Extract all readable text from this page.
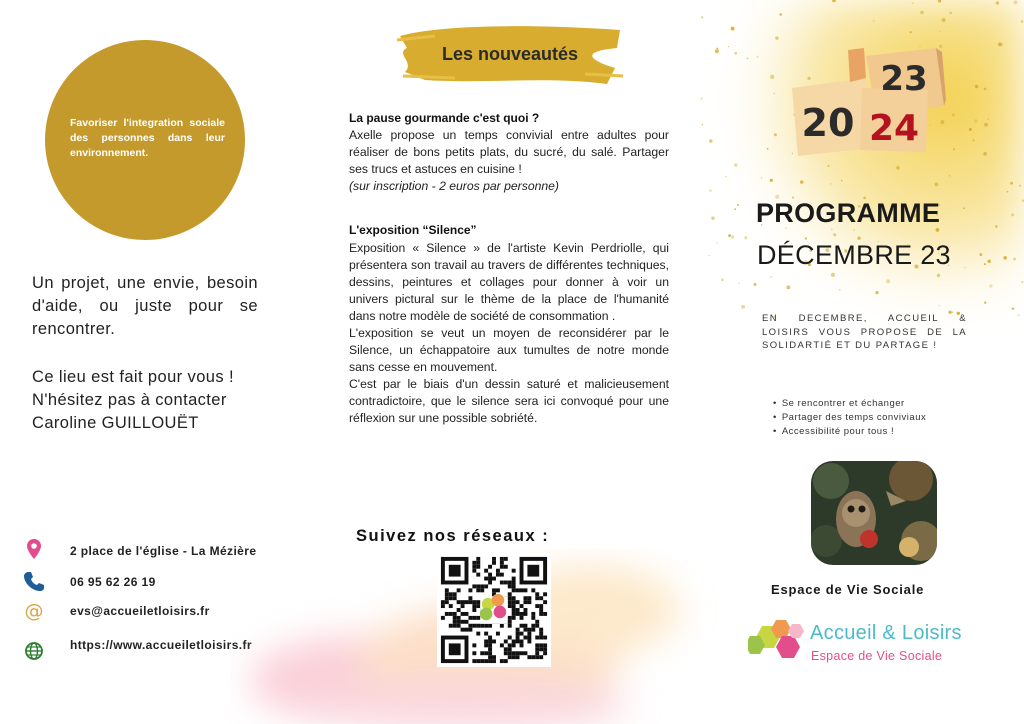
Favoriser l'integration sociale des personnes dans leur environnement.
Un projet, une envie, besoin d'aide, ou juste pour se rencontrer.
Ce lieu est fait pour vous ! N'hésitez pas à contacter Caroline GUILLOUËT
2 place de l'église - La Mézière
06 95 62 26 19
@ evs@accueiletloisirs.fr
https://www.accueiletloisirs.fr
Les nouveautés
La pause gourmande c'est quoi ?

Axelle propose un temps convivial entre adultes pour réaliser de bons petits plats, du sucré, du salé. Partager ses trucs et astuces en cuisine !

(sur inscription - 2 euros par personne)

L'exposition “Silence”

Exposition « Silence » de l'artiste Kevin Perdriolle, qui présentera son travail au travers de différentes techniques, dessins, peintures et collages pour donner à voir un univers pictural sur le thème de la place de l'humanité dans notre modèle de société de consommation .

L'exposition se veut un moyen de reconsidérer par le Silence, un échappatoire aux tumultes de notre monde sans cesse en mouvement.

C'est par le biais d'un dessin saturé et malicieusement contradictoire, que le silence sera ici convoqué pour une réflexion sur une possible sobriété.

Suivez nos réseaux :
23
20 24
PROGRAMME
DÉCEMBRE 23
EN DECEMBRE, ACCUEIL & LOISIRS VOUS PROPOSE DE LA SOLIDARTIÉ ET DU PARTAGE !
• Se rencontrer et échanger
• Partager des temps conviviaux
• Accessibilité pour tous !
Espace de Vie Sociale
Accueil & Loisirs
Espace de Vie Sociale
